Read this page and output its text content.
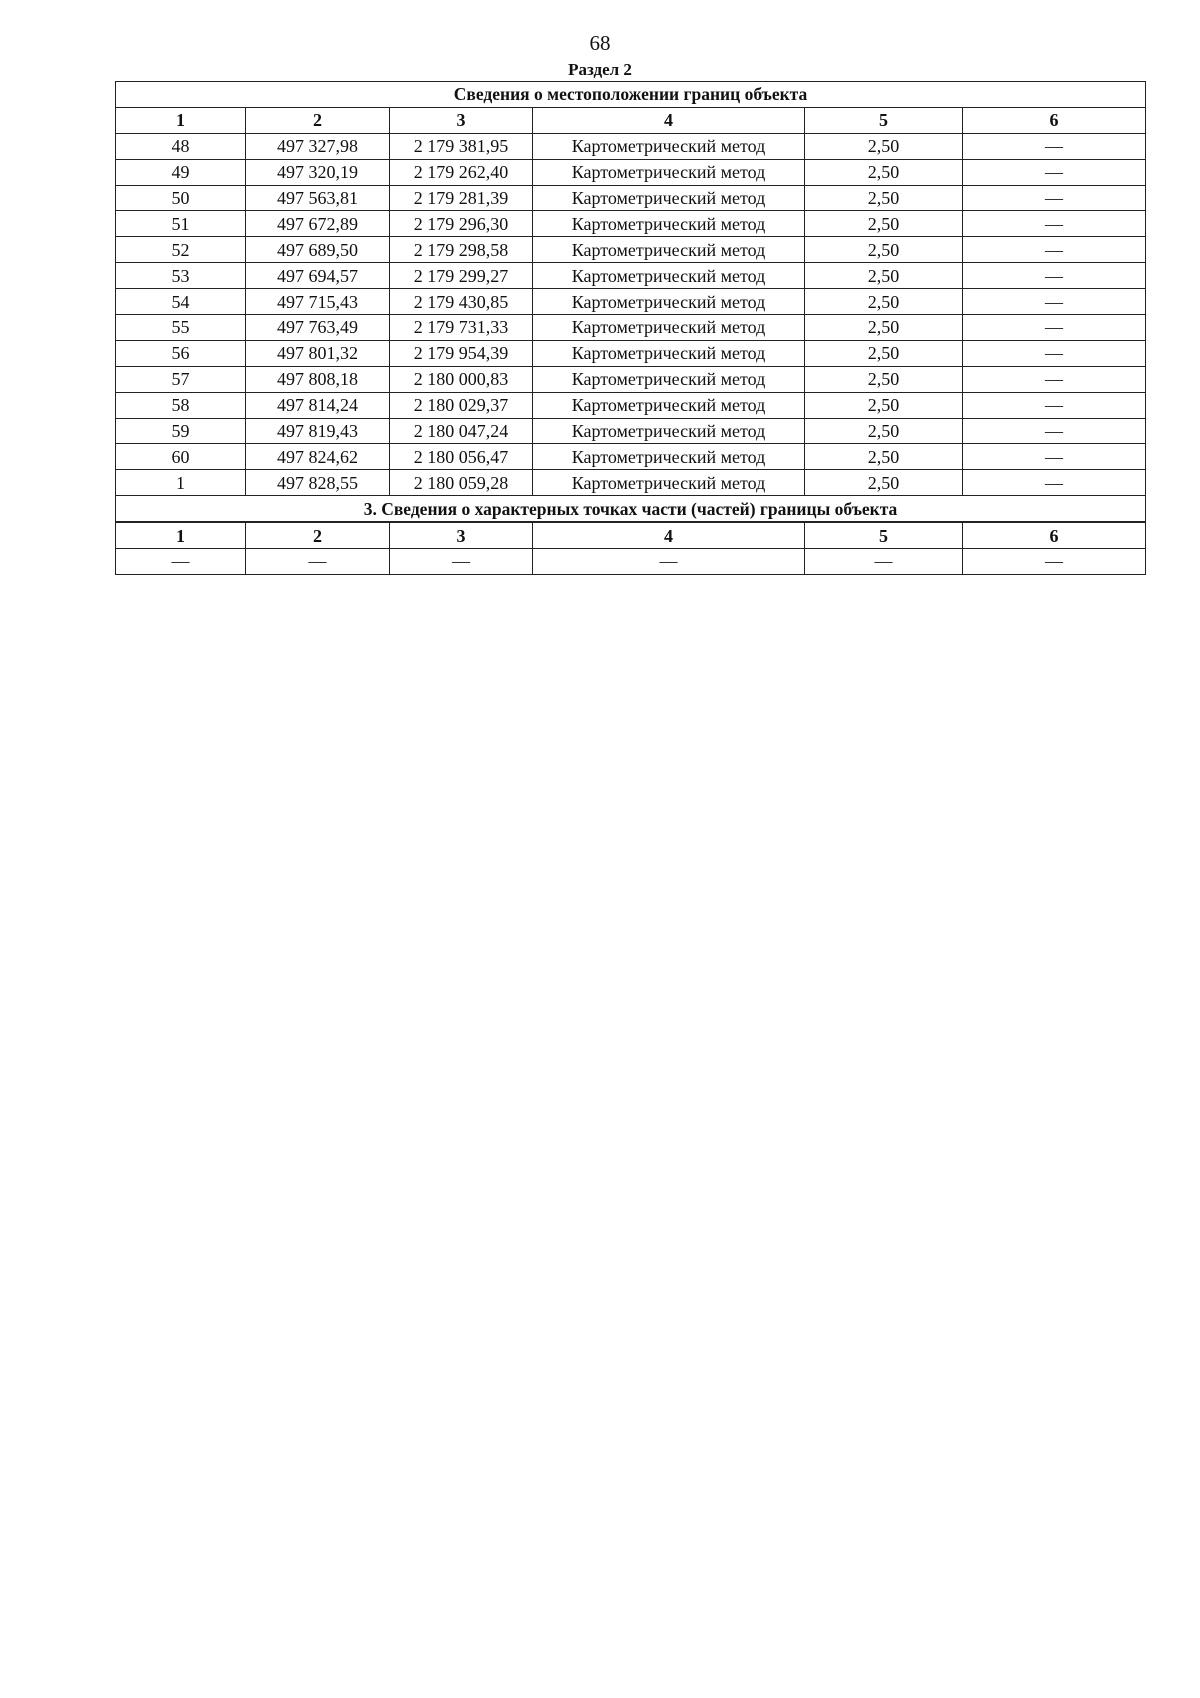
68
Раздел 2
Сведения о местоположении границ объекта					
1	2	3	4	5	6
48	497 327,98	2 179 381,95	Картометрический метод	2,50	—
49	497 320,19	2 179 262,40	Картометрический метод	2,50	—
50	497 563,81	2 179 281,39	Картометрический метод	2,50	—
51	497 672,89	2 179 296,30	Картометрический метод	2,50	—
52	497 689,50	2 179 298,58	Картометрический метод	2,50	—
53	497 694,57	2 179 299,27	Картометрический метод	2,50	—
54	497 715,43	2 179 430,85	Картометрический метод	2,50	—
55	497 763,49	2 179 731,33	Картометрический метод	2,50	—
56	497 801,32	2 179 954,39	Картометрический метод	2,50	—
57	497 808,18	2 180 000,83	Картометрический метод	2,50	—
58	497 814,24	2 180 029,37	Картометрический метод	2,50	—
59	497 819,43	2 180 047,24	Картометрический метод	2,50	—
60	497 824,62	2 180 056,47	Картометрический метод	2,50	—
1	497 828,55	2 180 059,28	Картометрический метод	2,50	—
3. Сведения о характерных точках части (частей) границы объекта					
1	2	3	4	5	6
—	—	—	—	—	—
